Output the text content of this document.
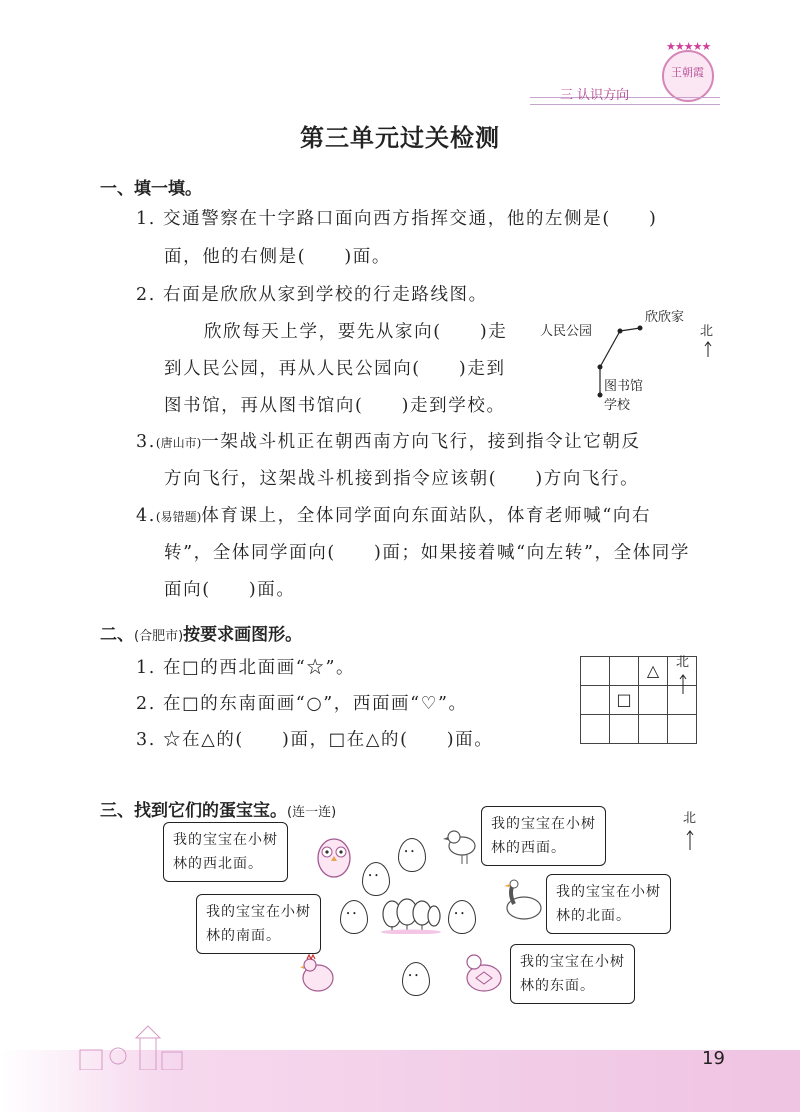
★★★★★
王朝霞
三 认识方向
第三单元过关检测
一、填一填。
1. 交通警察在十字路口面向西方指挥交通，他的左侧是(　　)
面，他的右侧是(　　)面。
2. 右面是欣欣从家到学校的行走路线图。
欣欣每天上学，要先从家向(　　)走
到人民公园，再从人民公园向(　　)走到
图书馆，再从图书馆向(　　)走到学校。
人民公园
欣欣家
图书馆
学校
北
3.(唐山市)一架战斗机正在朝西南方向飞行，接到指令让它朝反
方向飞行，这架战斗机接到指令应该朝(　　)方向飞行。
4.(易错题)体育课上，全体同学面向东面站队，体育老师喊“向右
转”，全体同学面向(　　)面；如果接着喊“向左转”，全体同学
面向(　　)面。
二、(合肥市)按要求画图形。
1. 在□的西北面画“☆”。
2. 在□的东南面画“○”，西面画“♡”。
3. ☆在△的(　　)面，□在△的(　　)面。
		△	
	□		

北
三、找到它们的蛋宝宝。(连一连)	北
我的宝宝在小树
林的西北面。
我的宝宝在小树
林的西面。
我的宝宝在小树
林的北面。
我的宝宝在小树
林的南面。
我的宝宝在小树
林的东面。
• •
• •
• •
• •
• •
19
